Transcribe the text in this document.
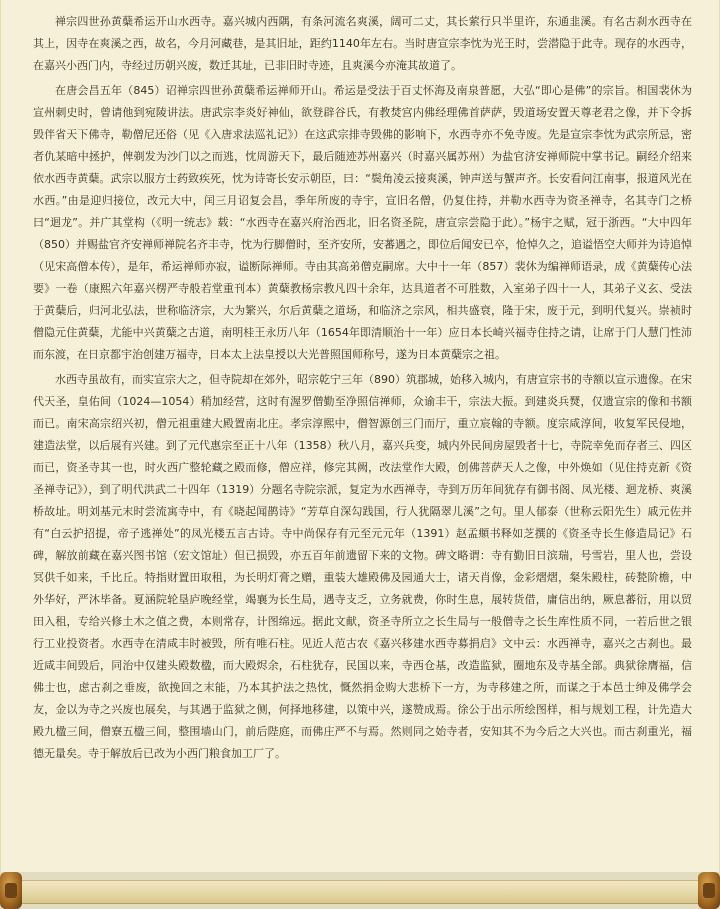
禅宗四世孙黄蘖希运开山水西寺。嘉兴城内西隅，有条河流名爽溪，阔可二丈，其长萦行只半里许，东通韭溪。有名古刹水西寺在其上，因寺在爽溪之西，故名，今月河藏巷，是其旧址，距约1140年左右。当时唐宣宗李忱为光王时，尝潜隐于此寺。现存的水西寺，在嘉兴小西门内，寺经过历朝兴废，数迁其址，已非旧时寺迹，且爽溪今亦淹其故道了。

在唐会昌五年（845）诏禅宗四世孙黄蘖希运禅师开山。希运是受法于百丈怀海及南泉普愿，大弘“即心是佛”的宗旨。相国裴休为宣州刺史时，曾请他到宛陵讲法。唐武宗李炎好神仙，欲登辟谷氏，有教焚宫内佛经理佛首萨萨，毁道场安置天尊老君之像，并下令拆毁伴省天下佛寺，勒僧尼还俗（见《入唐求法巡礼记》）在这武宗排寺毁佛的影响下，水西寺亦不免寺废。先是宣宗李忱为武宗所忌，密者仇某暗中拯护，俾剃发为沙门以之而逃，忱周游天下，最后随迹苏州嘉兴（时嘉兴属苏州）为盐官济安禅师院中掌书记。嗣经介绍来依水西寺黄蘖。武宗以服方士药致疾死，忱为诗寄长安示朝臣，曰：“鬓角凌云接爽溪，钟声送与蟹声齐。长安看问江南事，报道风光在水西。”由是迎归接位，改元大中，闰三月诏复会昌，季年所废的寺宇，宣旧名僧，仍复住持，并勒水西寺为资圣禅寺，名其寺门之桥曰“迴龙”。并广其堂构（《明一统志》载：“水西寺在嘉兴府治西北，旧名资圣院，唐宣宗尝隐于此）。”杨宇之赋，冠于浙西。“大中四年（850）并赐盐官齐安禅师禅院名齐丰寺，忱为行脚僧时，至齐安所，安蕃遇之，即位后闻安已卒，怆悼久之，追谥悟空大师并为诗追悼（见宋高僧本传），是年，希运禅师亦寂，谥断际禅师。寺由其高弟僧克嗣席。大中十一年（857）裴休为编禅师语录，成《黄蘖传心法要》一卷（康熙六年嘉兴楞严寺般若堂重刊本）黄蘖教杨宗教凡四十余年，达具道者不可胜数，入室弟子四十一人，其弟子义玄、受法于黄蘖后，归河北弘法，世称临济宗，大为繁兴，尔后黄蘖之道场，和临济之宗风，相共盛衰，隆于宋，废于元，到明代复兴。崇祯时僧隐元住黄蘖，尤能中兴黄蘖之古道，南明桂王永历八年（1654年即清顺治十一年）应日本长崎兴福寺住持之请，让席于门人慧门性沛而东渡，在日京都宇治创建万福寺，日本太上法皇授以大光普照国师称号，遂为日本黄蘖宗之祖。

水西寺虽故有，而实宣宗大之，但寺院却在郊外，昭宗乾宁三年（890）筑郡城，始移入城内，有唐宣宗书的寺额以宣示遗像。在宋代天圣，皇佑间（1024—1054）稍加经营，这时有渥罗僧勤至净照信禅师，众谕丰干，宗法大振。到建炎兵燹，仅遗宣宗的像和书额而已。南宋高宗绍兴初，僧元祖重建大殿置南北庄。孝宗淳熙中，僧智源创三门而厅，重立宸翰的寺额。度宗咸淳间，收复军民侵地，建造法堂，以后展有兴建。到了元代惠宗至正十八年（1358）秋八月，嘉兴兵变，城内外民间房屋毁者十七，寺院幸免而存者三、四区而已，资圣寺其一也，时火西广整轮藏之殿而修，僧应祥，修完其阙，改法堂作大殿，创佛菩萨天人之像，中外焕如（见住持克新《资圣禅寺记》），到了明代洪武二十四年（1319）分题名寺院宗派，复定为水西禅寺，寺到万历年间犹存有御书阁、凤光楼、迴龙桥、爽溪桥故址。明刘基元末时尝流寓寺中，有《晓起闻鹊诗》“芳草自深勾践国，行人犹隔翠儿溪”之句。里人郁泰（世称云阳先生）戚元佐并有“白云护招提，帝子逃禅处”的凤光楼五言古诗。寺中尚保存有元至元元年（1391）赵孟頫书释如芝撰的《资圣寺长生修造局记》石碑，解放前藏在嘉兴图书馆（宏文馆址）但已损毁，亦五百年前遗留下来的文物。碑文略谓：寺有勤旧日滨瑞，号雪岩，里人也，尝设冥供千如来，千比丘。特指财置田取租，为长明灯膏之赠，重装大雄殿佛及园通大士，诸天肖像，金彩熠熠，粲朱殿柱，砖甃阶檐，中外华好，严沐毕备。夏涵院轮垦庐晚经堂，竭襄为长生局，遇寺支乏，立务就费，你时生息，展转货借，庸信出纳，厥息蕃衍，用以贸田入租，专给兴修土木之值之费，本则常存，计图绵远。据此文献，资圣寺所立之长生局与一般僧寺之长生库性质不同，一若后世之银行工业投资者。水西寺在清咸丰时被毁，所有唯石柱。见近人范古农《嘉兴移建水西寺募捐启》文中云：水西禅寺，嘉兴之古刹也。最近咸丰间毁后，同治中仅建头殿数楹，而大殿烬余，石柱犹存，民国以来，寺西仓基，改造监狱，圈地东及寺基全部。典狱徐膺福，信佛士也，虑古刹之垂废，欲挽回之末能，乃本其护法之热忱，慨然捐金购大悲桥下一方，为寺移建之所，而谋之于本邑士绅及佛学会友，金以为寺之兴废也展矣，与其遇于监狱之侧，何择地移建，以策中兴，遂赞成焉。徐公于出示所绘图样，相与规划工程，计先造大殿九楹三间，僧寮五楹三间，整围墙山门，前后陛庭，而佛庄严不与焉。然则同之始寺者，安知其不为今后之大兴也。而古刹重光，福德无量矣。寺于解放后已改为小西门粮食加工厂了。
